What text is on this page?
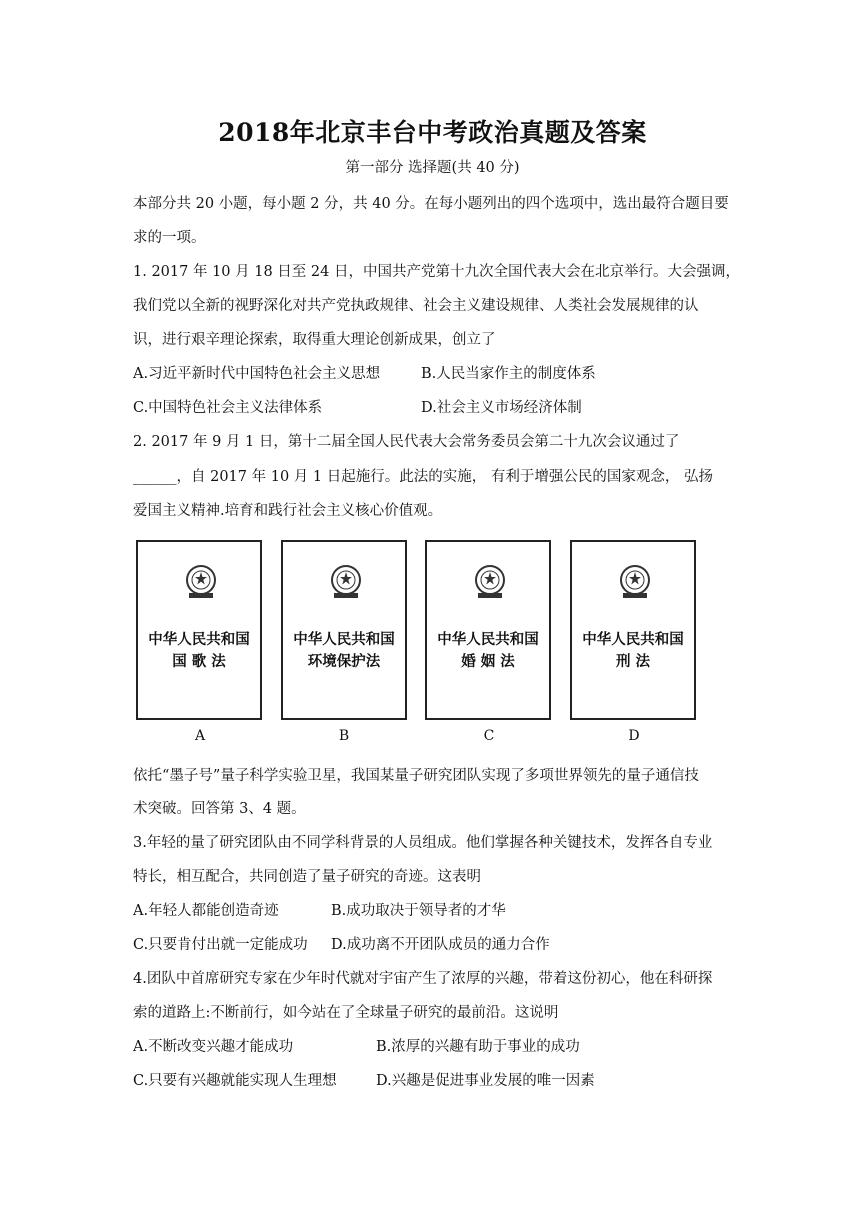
2018年北京丰台中考政治真题及答案
第一部分 选择题(共 40 分)
本部分共 20 小题，每小题 2 分，共 40 分。在每小题列出的四个选项中，选出最符合题目要
求的一项。
1. 2017 年 10 月 18 日至 24 日，中国共产党第十九次全国代表大会在北京举行。大会强调，
我们党以全新的视野深化对共产党执政规律、社会主义建设规律、人类社会发展规律的认
识，进行艰辛理论探索，取得重大理论创新成果，创立了
A.习近平新时代中国特色社会主义思想	B.人民当家作主的制度体系
C.中国特色社会主义法律体系	D.社会主义市场经济体制
2. 2017 年 9 月 1 日，第十二届全国人民代表大会常务委员会第二十九次会议通过了
______，自 2017 年 10 月 1 日起施行。此法的实施， 有利于增强公民的国家观念， 弘扬
爱国主义精神.培育和践行社会主义核心价值观。
中华人民共和国
国 歌 法
中华人民共和国
环境保护法
中华人民共和国
婚 姻 法
中华人民共和国
刑 法
A	B	C	D
依托“墨子号”量子科学实验卫星，我国某量子研究团队实现了多项世界领先的量子通信技
术突破。回答第 3、4 题。
3.年轻的量了研究团队由不同学科背景的人员组成。他们掌握各种关键技术，发挥各自专业
特长，相互配合，共同创造了量子研究的奇迹。这表明
A.年轻人都能创造奇迹	B.成功取决于领导者的才华
C.只要肯付出就一定能成功 D.成功离不开团队成员的通力合作
4.团队中首席研究专家在少年时代就对宇宙产生了浓厚的兴趣，带着这份初心，他在科研探
索的道路上:不断前行，如今站在了全球量子研究的最前沿。这说明
A.不断改变兴趣才能成功	B.浓厚的兴趣有助于事业的成功
C.只要有兴趣就能实现人生理想	D.兴趣是促进事业发展的唯一因素
